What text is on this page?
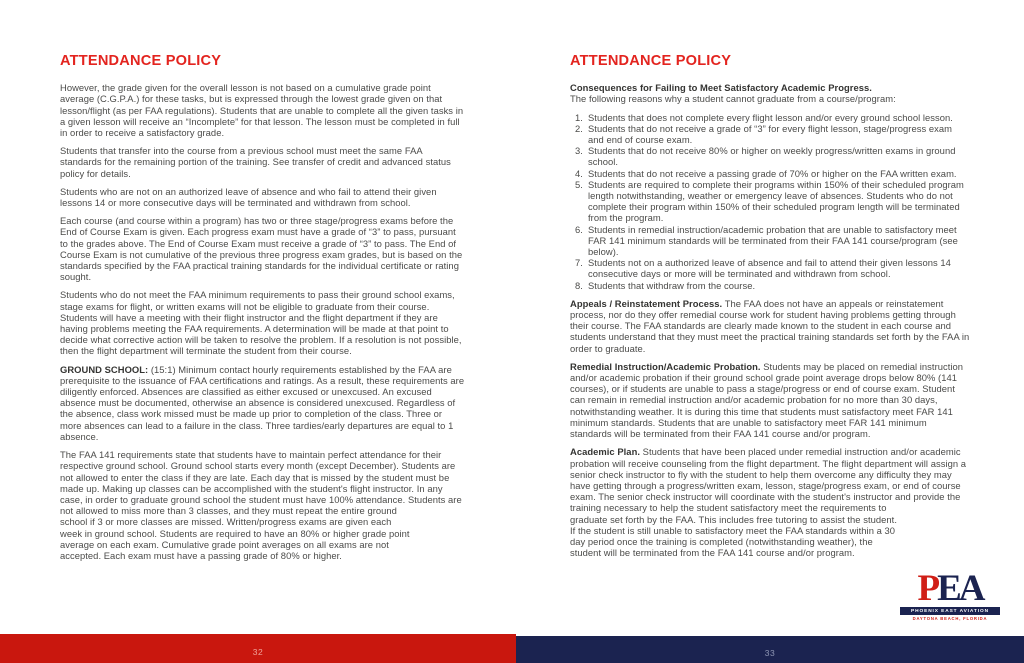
ATTENDANCE POLICY

However, the grade given for the overall lesson is not based on a cumulative grade point average (C.G.P.A.) for these tasks, but is expressed through the lowest grade given on that lesson/flight (as per FAA regulations). Students that are unable to complete all the given tasks in a given lesson will receive an “Incomplete” for that lesson. The lesson must be completed in full in order to receive a satisfactory grade.

Students that transfer into the course from a previous school must meet the same FAA standards for the remaining portion of the training. See transfer of credit and advanced status policy for details.

Students who are not on an authorized leave of absence and who fail to attend their given lessons 14 or more consecutive days will be terminated and withdrawn from school.

Each course (and course within a program) has two or three stage/progress exams before the End of Course Exam is given. Each progress exam must have a grade of “3” to pass, pursuant to the grades above. The End of Course Exam must receive a grade of “3” to pass. The End of Course Exam is not cumulative of the previous three progress exam grades, but is based on the standards specified by the FAA practical training standards for the individual certificate or rating sought.

Students who do not meet the FAA minimum requirements to pass their ground school exams, stage exams for flight, or written exams will not be eligible to graduate from their course. Students will have a meeting with their flight instructor and the flight department if they are having problems meeting the FAA requirements. A determination will be made at that point to decide what corrective action will be taken to resolve the problem. If a resolution is not possible, then the flight department will terminate the student from their course.

GROUND SCHOOL: (15:1) Minimum contact hourly requirements established by the FAA are prerequisite to the issuance of FAA certifications and ratings. As a result, these requirements are diligently enforced. Absences are classified as either excused or unexcused. An excused absence must be documented, otherwise an absence is considered unexcused. Regardless of the absence, class work missed must be made up prior to completion of the class. Three or more absences can lead to a failure in the class. Three tardies/early departures are equal to 1 absence.

The FAA 141 requirements state that students have to maintain perfect attendance for their respective ground school. Ground school starts every month (except December). Students are not allowed to enter the class if they are late. Each day that is missed by the student must be made up. Making up classes can be accomplished with the student's flight instructor. In any case, in order to graduate ground school the student must have 100% attendance. Students are not allowed to miss more than 3 classes, and they must repeat the entire ground school if 3 or more classes are missed. Written/progress exams are given each week in ground school. Students are required to have an 80% or higher grade point average on each exam. Cumulative grade point averages on all exams are not accepted. Each exam must have a passing grade of 80% or higher.

ATTENDANCE POLICY

Consequences for Failing to Meet Satisfactory Academic Progress.

The following reasons why a student cannot graduate from a course/program:

1. Students that does not complete every flight lesson and/or every ground school lesson.
2. Students that do not receive a grade of “3” for every flight lesson, stage/progress exam and end of course exam.
3. Students that do not receive 80% or higher on weekly progress/written exams in ground school.
4. Students that do not receive a passing grade of 70% or higher on the FAA written exam.
5. Students are required to complete their programs within 150% of their scheduled program length notwithstanding, weather or emergency leave of absences. Students who do not complete their program within 150% of their scheduled program length will be terminated from the program.
6. Students in remedial instruction/academic probation that are unable to satisfactory meet FAR 141 minimum standards will be terminated from their FAA 141 course/program (see below).
7. Students not on a authorized leave of absence and fail to attend their given lessons 14 consecutive days or more will be terminated and withdrawn from school.
8. Students that withdraw from the course.

Appeals / Reinstatement Process. The FAA does not have an appeals or reinstatement process, nor do they offer remedial course work for student having problems getting through their course. The FAA standards are clearly made known to the student in each course and students understand that they must meet the practical training standards set forth by the FAA in order to graduate.

Remedial Instruction/Academic Probation. Students may be placed on remedial instruction and/or academic probation if their ground school grade point average drops below 80% (141 courses), or if students are unable to pass a stage/progress or end of course exam. Student can remain in remedial instruction and/or academic probation for no more than 30 days, notwithstanding weather. It is during this time that students must satisfactory meet FAR 141 minimum standards. Students that are unable to satisfactory meet FAR 141 minimum standards will be terminated from their FAA 141 course and/or program.

Academic Plan. Students that have been placed under remedial instruction and/or academic probation will receive counseling from the flight department. The flight department will assign a senior check instructor to fly with the student to help them overcome any difficulty they may have getting through a progress/written exam, lesson, stage/progress exam, or end of course exam. The senior check instructor will coordinate with the student's instructor and provide the training necessary to help the student satisfactory meet the requirements to graduate set forth by the FAA. This includes free tutoring to assist the student. If the student is still unable to satisfactory meet the FAA standards within a 30 day period once the training is completed (notwithstanding weather), the student will be terminated from the FAA 141 course and/or program.

PEA
PHOENIX EAST AVIATION
DAYTONA BEACH, FLORIDA
32	33
